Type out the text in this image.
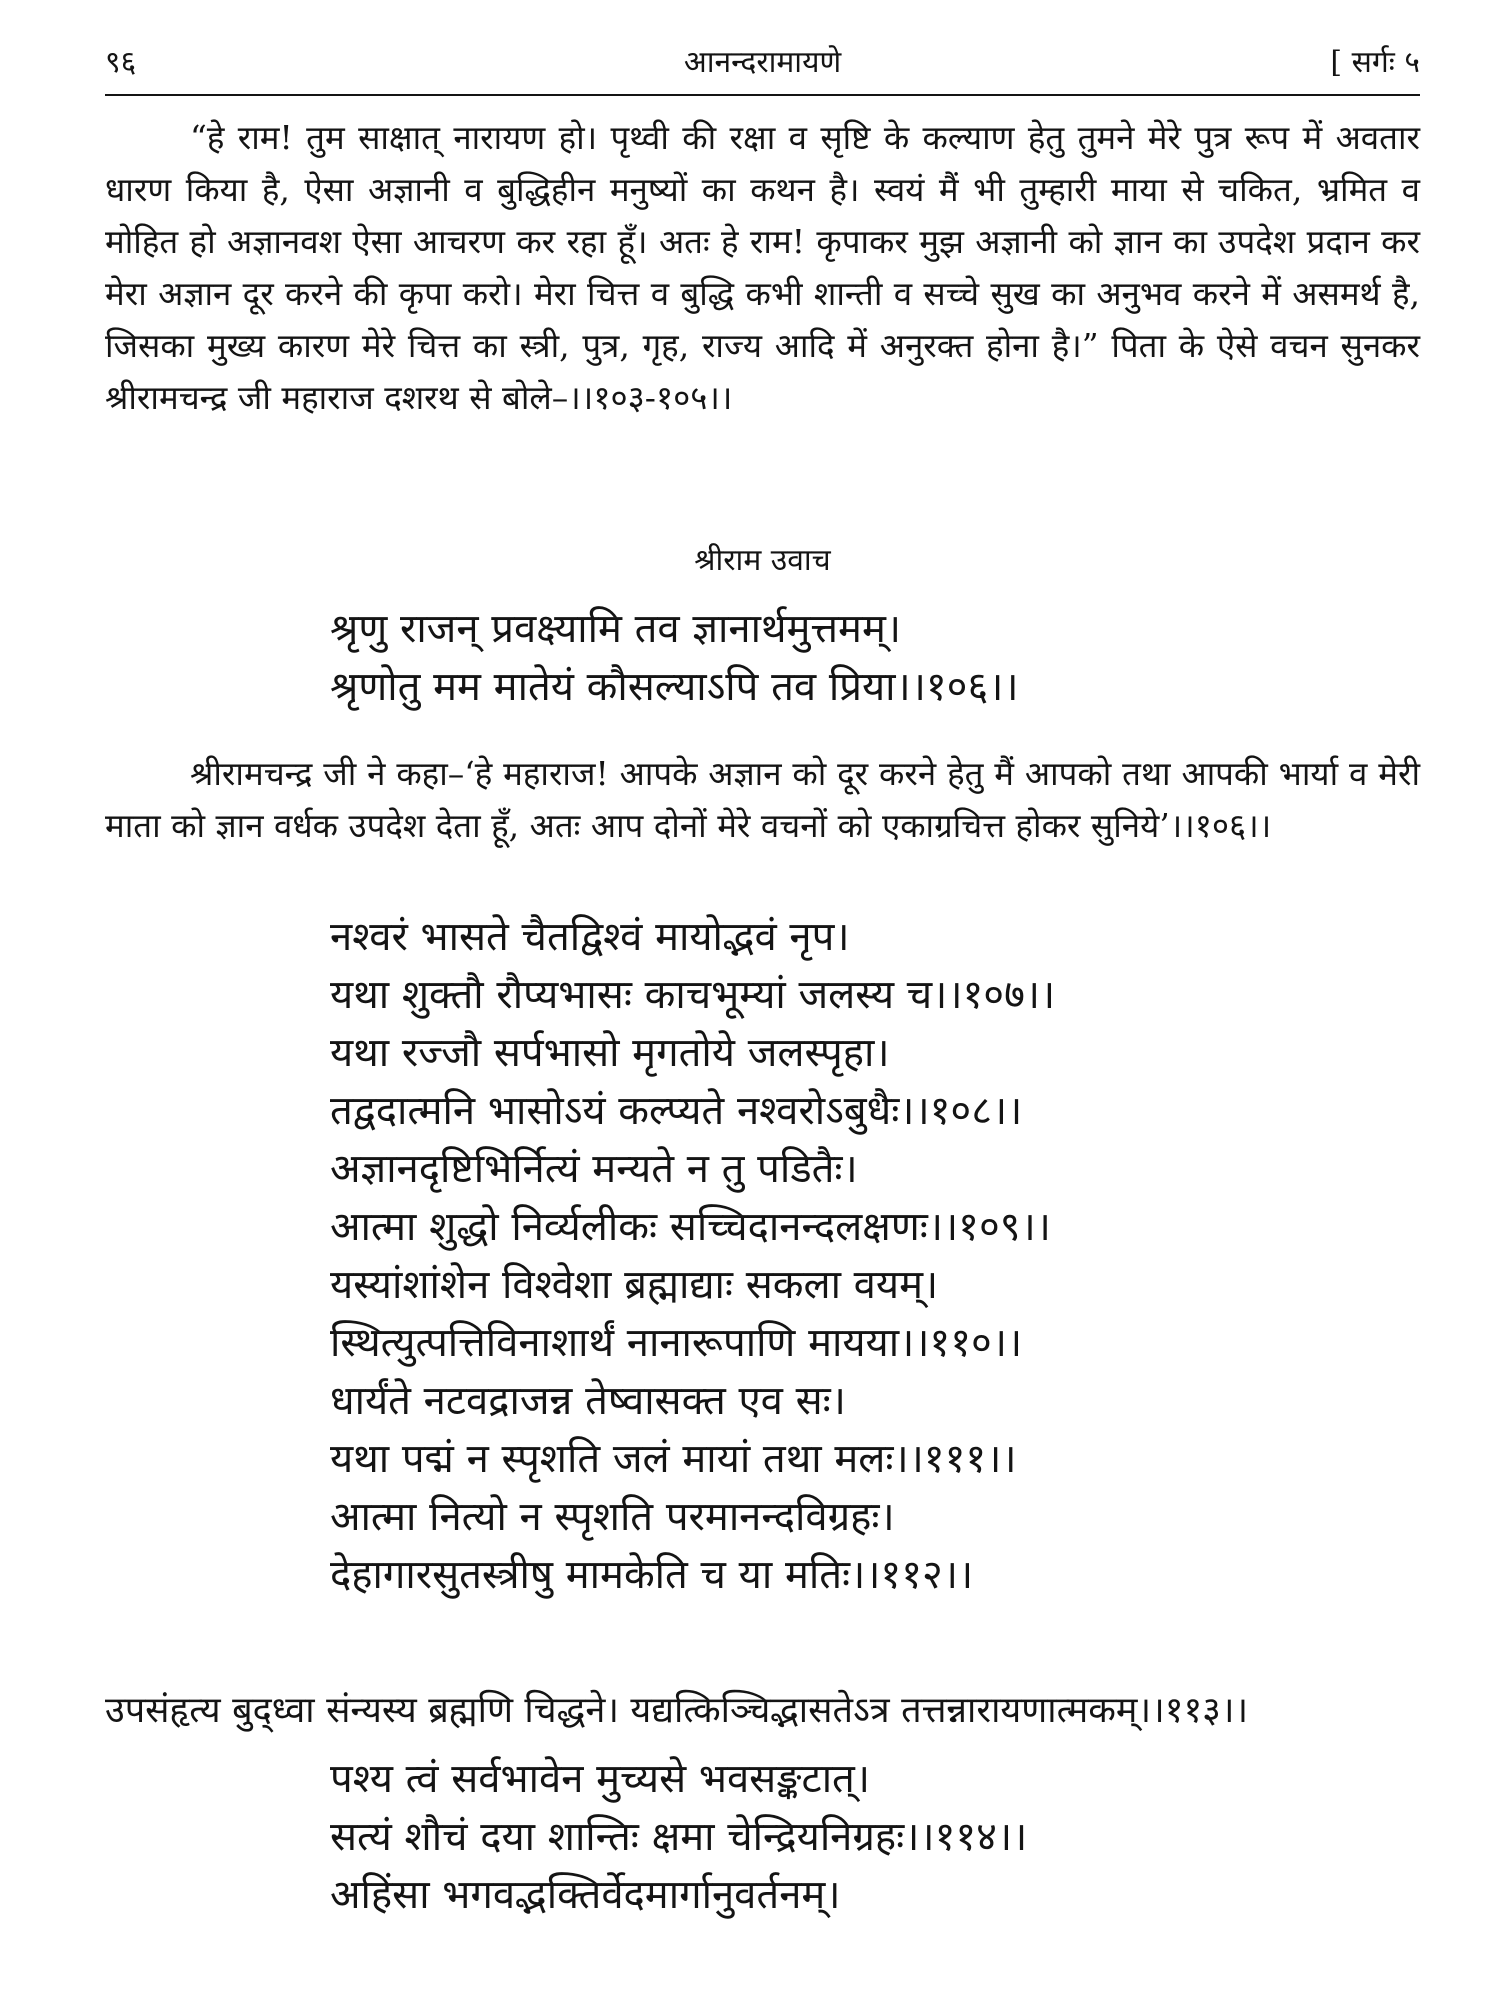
९६	आनन्दरामायणे	[ सर्गः ५
“हे राम! तुम साक्षात् नारायण हो। पृथ्वी की रक्षा व सृष्टि के कल्याण हेतु तुमने मेरे पुत्र रूप में अवतार धारण किया है, ऐसा अज्ञानी व बुद्धिहीन मनुष्यों का कथन है। स्वयं मैं भी तुम्हारी माया से चकित, भ्रमित व मोहित हो अज्ञानवश ऐसा आचरण कर रहा हूँ। अतः हे राम! कृपाकर मुझ अज्ञानी को ज्ञान का उपदेश प्रदान कर मेरा अज्ञान दूर करने की कृपा करो। मेरा चित्त व बुद्धि कभी शान्ती व सच्चे सुख का अनुभव करने में असमर्थ है, जिसका मुख्य कारण मेरे चित्त का स्त्री, पुत्र, गृह, राज्य आदि में अनुरक्त होना है।” पिता के ऐसे वचन सुनकर श्रीरामचन्द्र जी महाराज दशरथ से बोले–।।१०३-१०५।।
श्रीराम उवाच
श्रृणु राजन् प्रवक्ष्यामि तव ज्ञानार्थमुत्तमम्।
श्रृणोतु मम मातेयं कौसल्याऽपि तव प्रिया।।१०६।।
श्रीरामचन्द्र जी ने कहा–‘हे महाराज! आपके अज्ञान को दूर करने हेतु मैं आपको तथा आपकी भार्या व मेरी माता को ज्ञान वर्धक उपदेश देता हूँ, अतः आप दोनों मेरे वचनों को एकाग्रचित्त होकर सुनिये’।।१०६।।
नश्वरं भासते चैतद्विश्वं मायोद्भवं नृप।
यथा शुक्तौ रौप्यभासः काचभूम्यां जलस्य च।।१०७।।
यथा रज्जौ सर्पभासो मृगतोये जलस्पृहा।
तद्वदात्मनि भासोऽयं कल्प्यते नश्वरोऽबुधैः।।१०८।।
अज्ञानदृष्टिभिर्नित्यं मन्यते न तु पडितैः।
आत्मा शुद्धो निर्व्यलीकः सच्चिदानन्दलक्षणः।।१०९।।
यस्यांशांशेन विश्वेशा ब्रह्माद्याः सकला वयम्।
स्थित्युत्पत्तिविनाशार्थं नानारूपाणि मायया।।११०।।
धार्यंते नटवद्राजन्न तेष्वासक्त एव सः।
यथा पद्मं न स्पृशति जलं मायां तथा मलः।।१११।।
आत्मा नित्यो न स्पृशति परमानन्दविग्रहः।
देहागारसुतस्त्रीषु मामकेति च या मतिः।।११२।।
उपसंहृत्य बुद्ध्वा संन्यस्य ब्रह्मणि चिद्धने। यद्यत्किञ्चिद्भासतेऽत्र तत्तन्नारायणात्मकम्।।११३।।
पश्य त्वं सर्वभावेन मुच्यसे भवसङ्कटात्।
सत्यं शौचं दया शान्तिः क्षमा चेन्द्रियनिग्रहः।।११४।।
अहिंसा भगवद्भक्तिर्वेदमार्गानुवर्तनम्।
